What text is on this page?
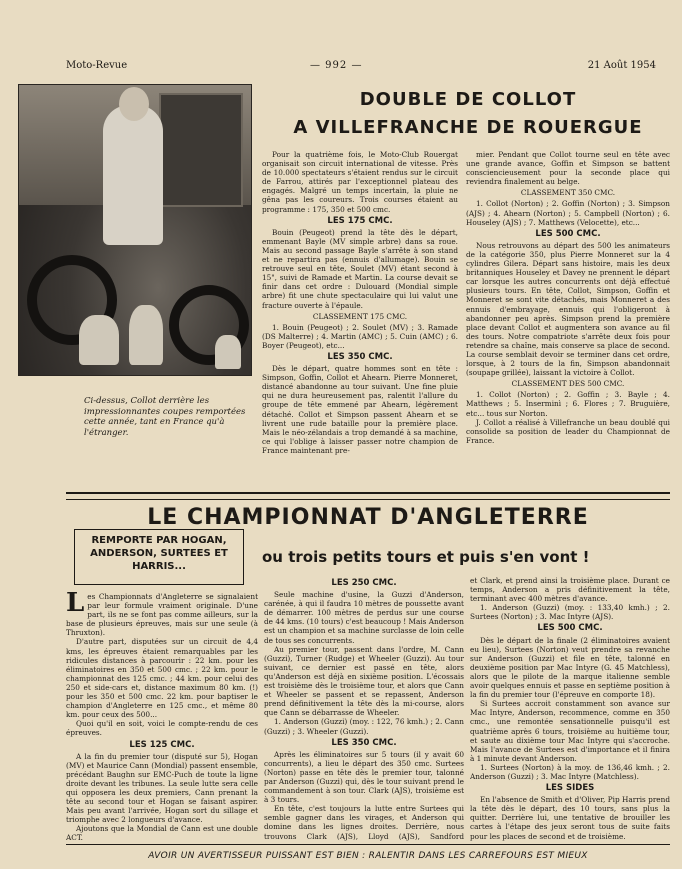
Moto-Revue	— 992 —	21 Août 1954
Ci-dessus, Collot derrière les impressionnantes coupes remportées cette année, tant en France qu'à l'étranger.
DOUBLE DE COLLOT
A VILLEFRANCHE DE ROUERGUE

Pour la quatrième fois, le Moto-Club Rouergat organisait son circuit international de vitesse. Près de 10.000 spectateurs s'étaient rendus sur le circuit de Farrou, attirés par l'exceptionnel plateau des engagés. Malgré un temps incertain, la pluie ne gêna pas les coureurs. Trois courses étaient au programme : 175, 350 et 500 cmc.

LES 175 CMC.

Bouin (Peugeot) prend la tête dès le départ, emmenant Bayle (MV simple arbre) dans sa roue. Mais au second passage Bayle s'arrête à son stand et ne repartira pas (ennuis d'allumage). Bouin se retrouve seul en tête, Soulet (MV) étant second à 15", suivi de Ramade et Martin. La course devait se finir dans cet ordre : Dulouard (Mondial simple arbre) fit une chute spectaculaire qui lui valut une fracture ouverte à l'épaule.

CLASSEMENT 175 CMC.

1. Bouin (Peugeot) ; 2. Soulet (MV) ; 3. Ramade (DS Malterre) ; 4. Martin (AMC) ; 5. Cuin (AMC) ; 6. Boyer (Peugeot), etc...

LES 350 CMC.

Dès le départ, quatre hommes sont en tête : Simpson, Goffin, Collot et Ahearn. Pierre Monneret, distancé abandonne au tour suivant. Une fine pluie qui ne dura heureusement pas, ralentit l'allure du groupe de tête emmené par Ahearn, légèrement détaché. Collot et Simpson passent Ahearn et se livrent une rude bataille pour la première place. Mais le néo-zélandais a trop demandé à sa machine, ce qui l'oblige à laisser passer notre champion de France maintenant pre-

mier. Pendant que Collot tourne seul en tête avec une grande avance, Goffin et Simpson se battent consciencieusement pour la seconde place qui reviendra finalement au belge.

CLASSEMENT 350 CMC.

1. Collot (Norton) ; 2. Goffin (Norton) ; 3. Simpson (AJS) ; 4. Ahearn (Norton) ; 5. Campbell (Norton) ; 6. Houseley (AJS) ; 7. Matthews (Velocette), etc...

LES 500 CMC.

Nous retrouvons au départ des 500 les animateurs de la catégorie 350, plus Pierre Monneret sur la 4 cylindres Gilera. Départ sans histoire, mais les deux britanniques Houseley et Davey ne prennent le départ car lorsque les autres concurrents ont déjà effectué plusieurs tours. En tête, Collot, Simpson, Goffin et Monneret se sont vite détachés, mais Monneret a des ennuis d'embrayage, ennuis qui l'obligeront à abandonner peu après. Simpson prend la première place devant Collot et augmentera son avance au fil des tours. Notre compatriote s'arrête deux fois pour retendre sa chaîne, mais conserve sa place de second. La course semblait devoir se terminer dans cet ordre, lorsque, à 2 tours de la fin, Simpson abandonnait (soupape grillée), laissant la victoire à Collot.

CLASSEMENT DES 500 CMC.

1. Collot (Norton) ; 2. Goffin ; 3. Bayle ; 4. Matthews ; 5. Inserminì ; 6. Flores ; 7. Bruguière, etc... tous sur Norton.

J. Collot a réalisé à Villefranche un beau doublé qui consolide sa position de leader du Championnat de France.

LE CHAMPIONNAT D'ANGLETERRE
ou trois petits tours et puis s'en vont !
REMPORTE PAR HOGAN, ANDERSON, SURTEES ET HARRIS...

Les Championnats d'Angleterre se signalaient par leur formule vraiment originale. D'une part, ils ne se font pas comme ailleurs, sur la base de plusieurs épreuves, mais sur une seule (à Thruxton).

D'autre part, disputées sur un circuit de 4,4 kms, les épreuves étaient remarquables par les ridicules distances à parcourir : 22 km. pour les éliminatoires en 350 et 500 cmc. ; 22 km. pour le championnat des 125 cmc. ; 44 km. pour celui des 250 et side-cars et, distance maximum 80 km. (!) pour les 350 et 500 cmc. 22 km. pour baptiser le champion d'Angleterre en 125 cmc., et même 80 km. pour ceux des 500...

Quoi qu'il en soit, voici le compte-rendu de ces épreuves.

LES 125 CMC.

A la fin du premier tour (disputé sur 5), Hogan (MV) et Maurice Cann (Mondial) passent ensemble, précédant Baughn sur EMC-Puch de toute la ligne droite devant les tribunes. La seule lutte sera celle qui opposera les deux premiers, Cann prenant la tête au second tour et Hogan se faisant aspirer. Mais peu avant l'arrivée, Hogan sort du sillage et triomphe avec 2 longueurs d'avance.

Ajoutons que la Mondial de Cann est une double ACT.

LES 250 CMC.

Seule machine d'usine, la Guzzi d'Anderson, carénée, à qui il faudra 10 mètres de poussette avant de démarrer. 100 mètres de perdus sur une course de 44 kms. (10 tours) c'est beaucoup ! Mais Anderson est un champion et sa machine surclasse de loin celle de tous ses concurrents.

Au premier tour, passent dans l'ordre, M. Cann (Guzzi), Turner (Rudge) et Wheeler (Guzzi). Au tour suivant, ce dernier est passé en tête, alors qu'Anderson est déjà en sixième position. L'écossais est troisième dès le troisième tour, et alors que Cann et Wheeler se passent et se repassent, Anderson prend définitivement la tête dès la mi-course, alors que Cann se débarrasse de Wheeler.

1. Anderson (Guzzi) (moy. : 122, 76 kmh.) ; 2. Cann (Guzzi) ; 3. Wheeler (Guzzi).

LES 350 CMC.

Après les éliminatoires sur 5 tours (il y avait 60 concurrents), a lieu le départ des 350 cmc. Surtees (Norton) passe en tête dès le premier tour, talonné par Anderson (Guzzi) qui, dès le tour suivant prend le commandement à son tour. Clark (AJS), troisième est à 3 tours.

En tête, c'est toujours la lutte entre Surtees qui semble gagner dans les virages, et Anderson qui domine dans les lignes droites. Derrière, nous trouvons Clark (AJS), Lloyd (AJS), Sandford

et Clark, et prend ainsi la troisième place. Durant ce temps, Anderson a pris définitivement la tête, terminant avec 400 mètres d'avance.

1. Anderson (Guzzi) (moy. : 133,40 kmh.) ; 2. Surtees (Norton) ; 3. Mac Intyre (AJS).

LES 500 CMC.

Dès le départ de la finale (2 éliminatoires avaient eu lieu), Surtees (Norton) veut prendre sa revanche sur Anderson (Guzzi) et file en tête, talonné en deuxième position par Mac Intyre (G. 45 Matchless), alors que le pilote de la marque italienne semble avoir quelques ennuis et passe en septième position à la fin du premier tour (l'épreuve en comporte 18).

Si Surtees accroit constamment son avance sur Mac Intyre, Anderson, recommence, comme en 350 cmc., une remontée sensationnelle puisqu'il est quatrième après 6 tours, troisième au huitième tour, et saute au dixième tour Mac Intyre qui s'accroche. Mais l'avance de Surtees est d'importance et il finira à 1 minute devant Anderson.

1. Surtees (Norton) à la moy. de 136,46 kmh. ; 2. Anderson (Guzzi) ; 3. Mac Intyre (Matchless).

LES SIDES

En l'absence de Smith et d'Oliver, Pip Harris prend la tête dès le départ, des 10 tours, sans plus la quitter. Derrière lui, une tentative de brouiller les cartes à l'étape des jeux seront tous de suite faits pour les places de second et de troisième.

AVOIR UN AVERTISSEUR PUISSANT EST BIEN : RALENTIR DANS LES CARREFOURS EST MIEUX
